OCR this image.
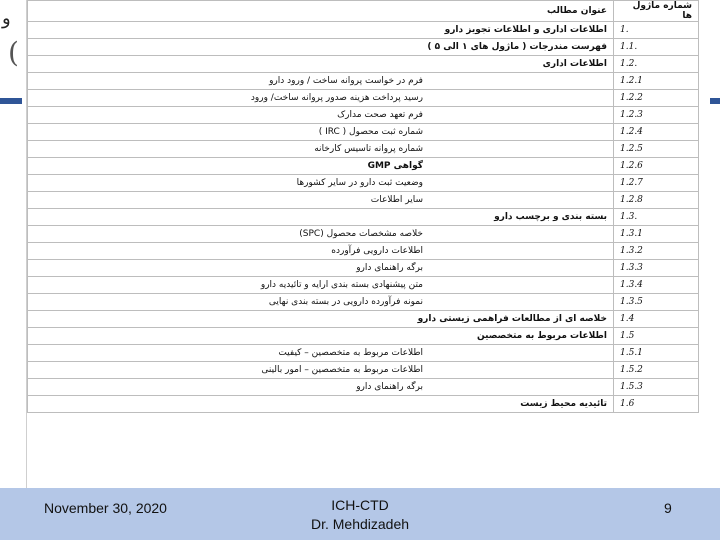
و
(
عنوان مطالب	شماره ماژول ها
اطلاعات اداری و اطلاعات تجویز دارو	1.
فهرست مندرجات ( ماژول های ۱ الی ۵ )	1.1.
اطلاعات اداری	1.2.
فرم در خواست پروانه ساخت / ورود دارو	1.2.1
رسید پرداخت هزینه صدور پروانه ساخت/ ورود	1.2.2
فرم تعهد صحت مدارک	1.2.3
شماره ثبت محصول ( IRC )	1.2.4
شماره پروانه تاسیس کارخانه	1.2.5
گواهی GMP	1.2.6
وضعیت ثبت دارو در سایر کشورها	1.2.7
سایر اطلاعات	1.2.8
بسته بندی و برچسب دارو	1.3.
خلاصه مشخصات محصول (SPC)	1.3.1
اطلاعات دارویی فرآورده	1.3.2
برگه راهنمای دارو	1.3.3
متن پیشنهادی بسته بندی ارایه و تائیدیه دارو	1.3.4
نمونه فرآورده دارویی در بسته بندی نهایی	1.3.5
خلاصه ای از مطالعات فراهمی زیستی دارو	1.4
اطلاعات مربوط به متخصصین	1.5
اطلاعات مربوط به متخصصین – کیفیت	1.5.1
اطلاعات مربوط به متخصصین – امور بالینی	1.5.2
برگه راهنمای دارو	1.5.3
تائیدیه محیط زیست	1.6
November 30, 2020	ICH-CTD
Dr. Mehdizadeh
9
